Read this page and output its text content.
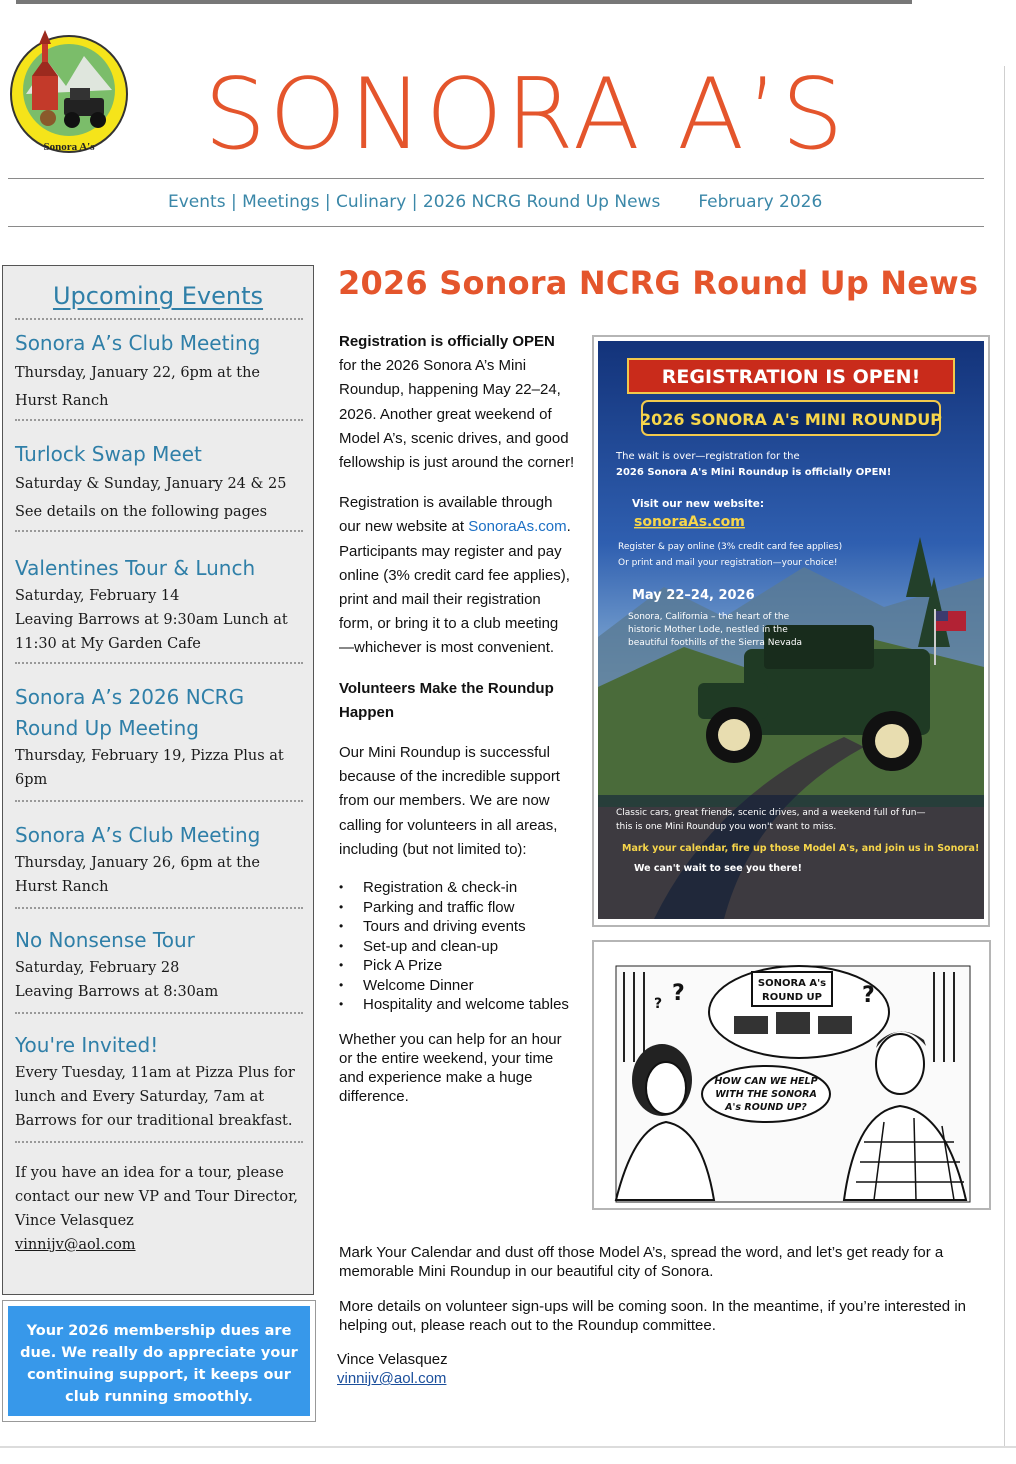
Sonora A's SONORA A’S
Events | Meetings | Culinary | 2026 NCRG Round Up News February 2026
Upcoming Events
Sonora A’s Club Meeting
Thursday, January 22, 6pm at the Hurst Ranch
Turlock Swap Meet
Saturday & Sunday, January 24 & 25
See details on the following pages
Valentines Tour & Lunch
Saturday, February 14
Leaving Barrows at 9:30am Lunch at 11:30 at My Garden Cafe
Sonora A’s 2026 NCRG Round Up Meeting
Thursday, February 19, Pizza Plus at 6pm
Sonora A’s Club Meeting
Thursday, January 26, 6pm at the Hurst Ranch
No Nonsense Tour
Saturday, February 28
Leaving Barrows at 8:30am
You're Invited!
Every Tuesday, 11am at Pizza Plus for lunch and Every Saturday, 7am at Barrows for our traditional breakfast.
If you have an idea for a tour, please contact our new VP and Tour Director, Vince Velasquez
vinnijv@aol.com
Your 2026 membership dues are due. We really do appreciate your continuing support, it keeps our club running smoothly.
2026 Sonora NCRG Round Up News

Registration is officially OPEN for the 2026 Sonora A’s Mini Roundup, happening May 22–24, 2026. Another great weekend of Model A’s, scenic drives, and good fellowship is just around the corner!

Registration is available through our new website at SonoraAs.com. Participants may register and pay online (3% credit card fee applies), print and mail their registration form, or bring it to a club meeting —whichever is most convenient.

Volunteers Make the Roundup Happen

Our Mini Roundup is successful because of the incredible support from our members. We are now calling for volunteers in all areas, including (but not limited to):

• Registration & check-in
• Parking and traffic flow
• Tours and driving events
• Set-up and clean-up
• Pick A Prize
• Welcome Dinner
• Hospitality and welcome tables

Whether you can help for an hour or the entire weekend, your time and experience make a huge difference.

Mark Your Calendar and dust off those Model A’s, spread the word, and let’s get ready for a memorable Mini Roundup in our beautiful city of Sonora.
More details on volunteer sign-ups will be coming soon. In the meantime, if you’re interested in helping out, please reach out to the Roundup committee.
Vince Velasquez
vinnijv@aol.com
REGISTRATION IS OPEN!
2026 SONORA A's MINI ROUNDUP
The wait is over—registration for the
2026 Sonora A's Mini Roundup is officially OPEN!
Visit our new website:
sonoraAs.com
Register & pay online (3% credit card fee applies)
Or print and mail your registration—your choice!
May 22–24, 2026
Sonora, California – the heart of the
historic Mother Lode, nestled in the
beautiful foothills of the Sierra Nevada
Classic cars, great friends, scenic drives, and a weekend full of fun—
this is one Mini Roundup you won't want to miss.
Mark your calendar, fire up those Model A's, and join us in Sonora!
We can't wait to see you there!
SONORA A's
ROUND UP
?
?	?
HOW CAN WE HELP
WITH THE SONORA
A's ROUND UP?
